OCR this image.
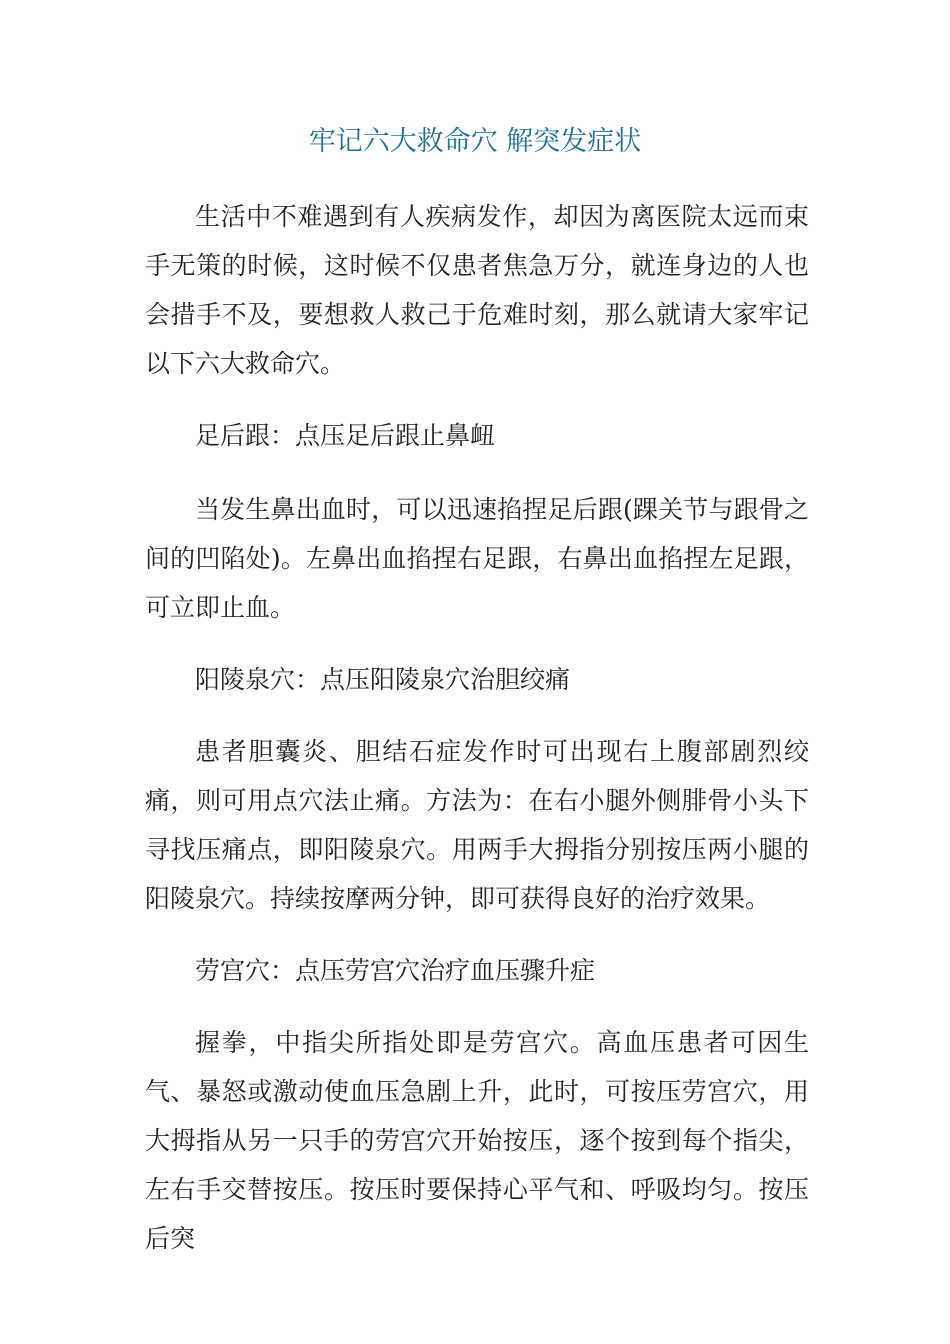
牢记六大救命穴 解突发症状

生活中不难遇到有人疾病发作，却因为离医院太远而束手无策的时候，这时候不仅患者焦急万分，就连身边的人也会措手不及，要想救人救己于危难时刻，那么就请大家牢记以下六大救命穴。

足后跟：点压足后跟止鼻衄

当发生鼻出血时，可以迅速掐捏足后跟(踝关节与跟骨之间的凹陷处)。左鼻出血掐捏右足跟，右鼻出血掐捏左足跟，可立即止血。

阳陵泉穴：点压阳陵泉穴治胆绞痛

患者胆囊炎、胆结石症发作时可出现右上腹部剧烈绞痛，则可用点穴法止痛。方法为：在右小腿外侧腓骨小头下寻找压痛点，即阳陵泉穴。用两手大拇指分别按压两小腿的阳陵泉穴。持续按摩两分钟，即可获得良好的治疗效果。

劳宫穴：点压劳宫穴治疗血压骤升症

握拳，中指尖所指处即是劳宫穴。高血压患者可因生气、暴怒或激动使血压急剧上升，此时，可按压劳宫穴，用大拇指从另一只手的劳宫穴开始按压，逐个按到每个指尖，左右手交替按压。按压时要保持心平气和、呼吸均匀。按压后突
